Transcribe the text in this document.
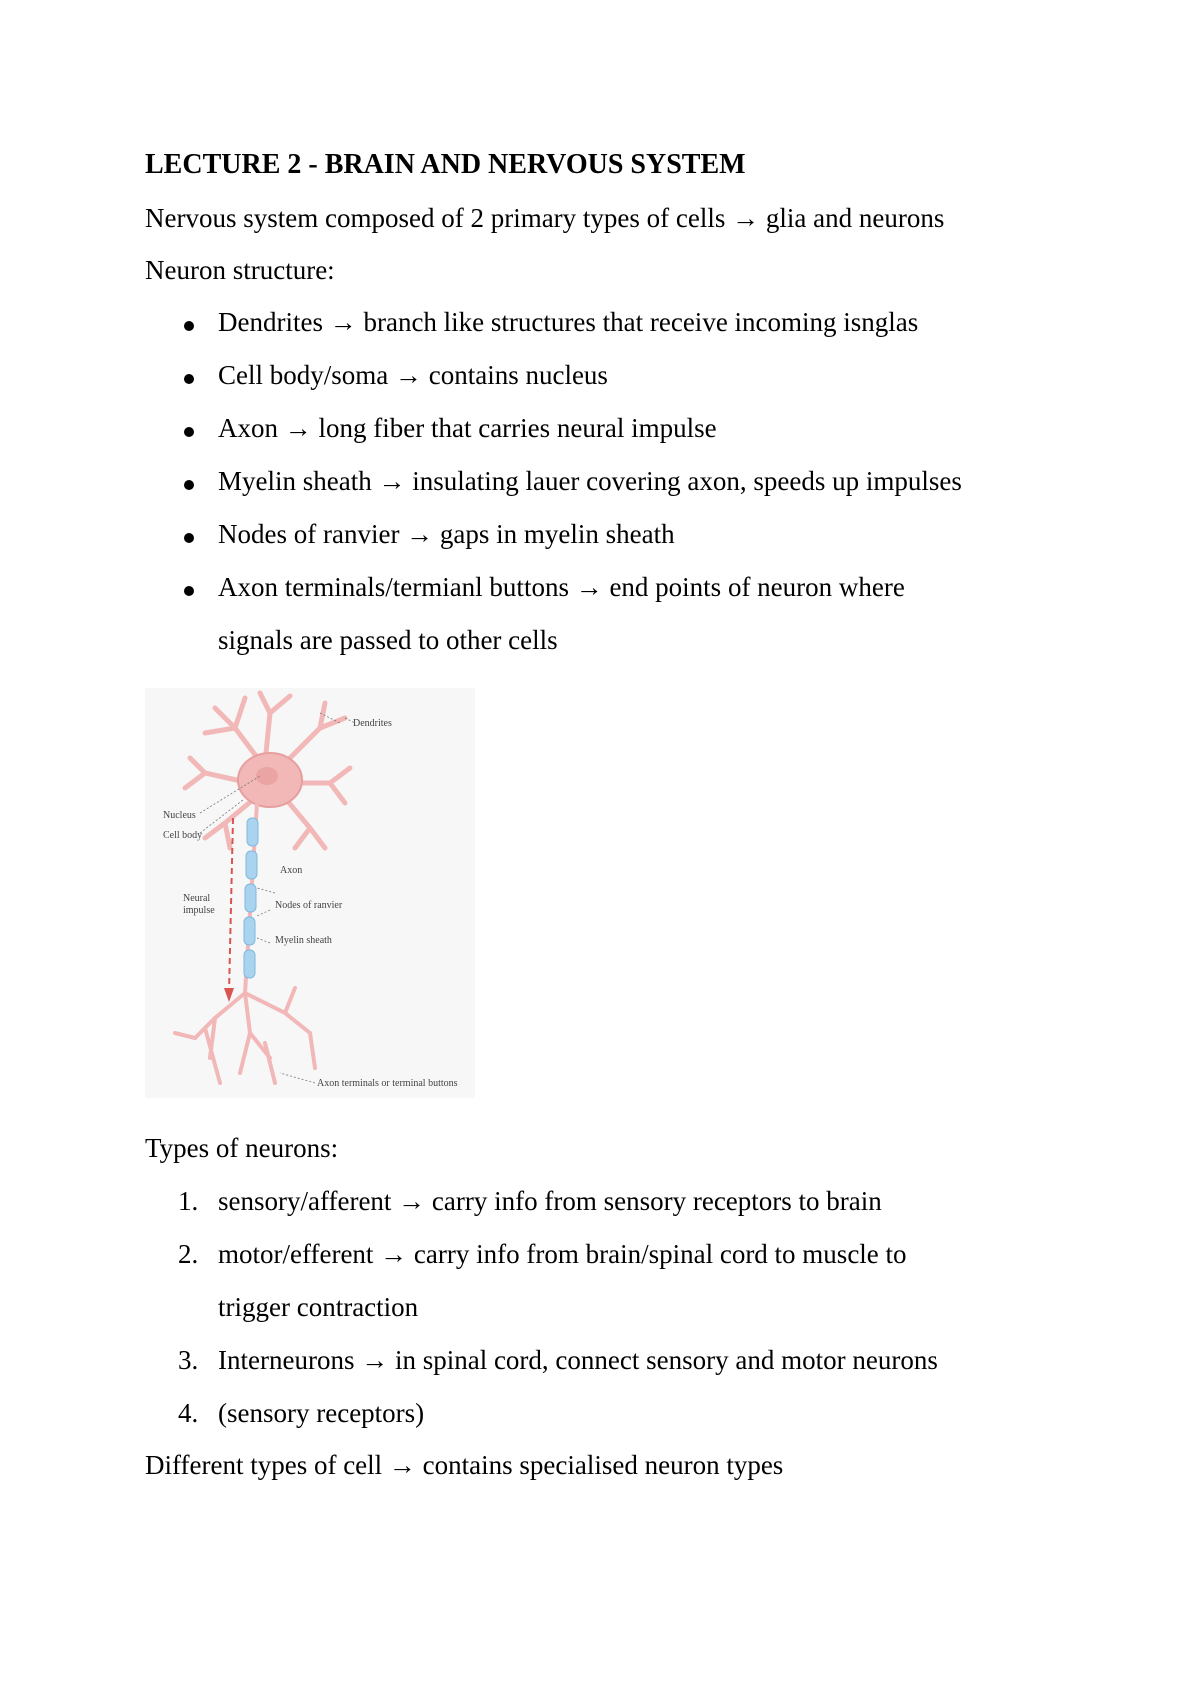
LECTURE 2 - BRAIN AND NERVOUS SYSTEM
Nervous system composed of 2 primary types of cells → glia and neurons
Neuron structure:
Dendrites → branch like structures that receive incoming isnglas
Cell body/soma → contains nucleus
Axon → long fiber that carries neural impulse
Myelin sheath → insulating lauer covering axon, speeds up impulses
Nodes of ranvier → gaps in myelin sheath
Axon terminals/termianl buttons → end points of neuron where
signals are passed to other cells
Dendrites
Nucleus
Cell body
Axon
Neural
impulse	Nodes of ranvier
Myelin sheath
Axon terminals or terminal buttons
Types of neurons:
1. sensory/afferent → carry info from sensory receptors to brain
2. motor/efferent → carry info from brain/spinal cord to muscle to
trigger contraction
3. Interneurons → in spinal cord, connect sensory and motor neurons
4. (sensory receptors)
Different types of cell → contains specialised neuron types
